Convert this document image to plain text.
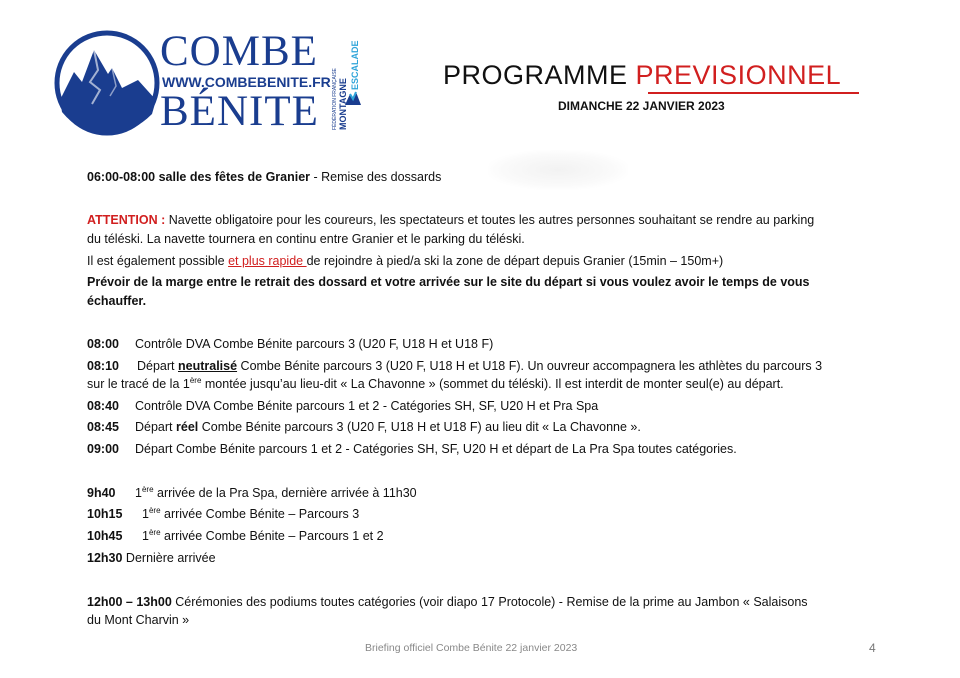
COMBE
WWW.COMBEBENITE.FR
BÉNITE	FÉDÉRATION FRANÇAISE MONTAGNE
ESCALADE	PROGRAMME PREVISIONNEL
DIMANCHE 22 JANVIER 2023
06:00-08:00 salle des fêtes de Granier - Remise des dossards
ATTENTION : Navette obligatoire pour les coureurs, les spectateurs et toutes les autres personnes souhaitant se rendre au parking
du téléski. La navette tournera en continu entre Granier et le parking du téléski.
Il est également possible et plus rapide de rejoindre à pied/a ski la zone de départ depuis Granier (15min – 150m+)
Prévoir de la marge entre le retrait des dossard et votre arrivée sur le site du départ si vous voulez avoir le temps de vous
échauffer.
08:00 Contrôle DVA Combe Bénite parcours 3 (U20 F, U18 H et U18 F)
08:10 Départ neutralisé Combe Bénite parcours 3 (U20 F, U18 H et U18 F). Un ouvreur accompagnera les athlètes du parcours 3
sur le tracé de la 1ère montée jusqu’au lieu-dit « La Chavonne » (sommet du téléski). Il est interdit de monter seul(e) au départ.
08:40 Contrôle DVA Combe Bénite parcours 1 et 2 - Catégories SH, SF, U20 H et Pra Spa
08:45 Départ réel Combe Bénite parcours 3 (U20 F, U18 H et U18 F) au lieu dit « La Chavonne ».
09:00 Départ Combe Bénite parcours 1 et 2 - Catégories SH, SF, U20 H et départ de La Pra Spa toutes catégories.
9h40 1ère arrivée de la Pra Spa, dernière arrivée à 11h30
10h15 1ère arrivée Combe Bénite – Parcours 3
10h45 1ère arrivée Combe Bénite – Parcours 1 et 2
12h30 Dernière arrivée
12h00 – 13h00 Cérémonies des podiums toutes catégories (voir diapo 17 Protocole) - Remise de la prime au Jambon « Salaisons
du Mont Charvin »
Briefing officiel Combe Bénite 22 janvier 2023	4
